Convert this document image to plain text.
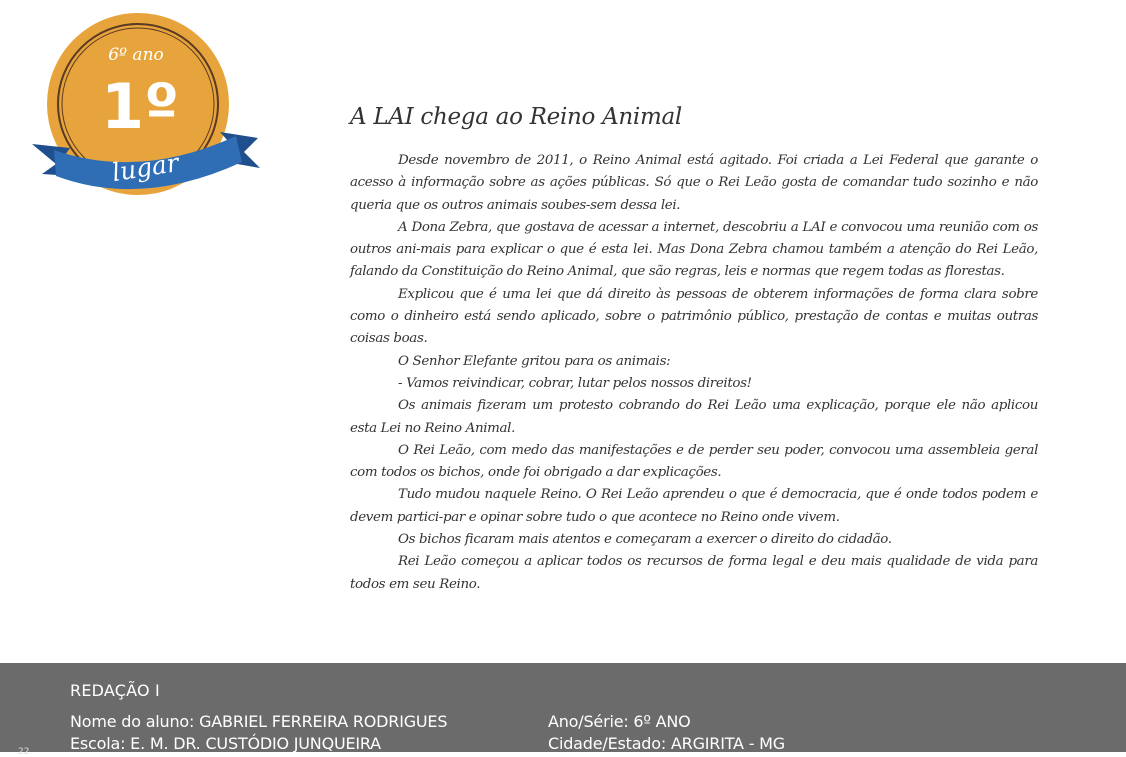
6º ano
1º
lugar
A LAI chega ao Reino Animal

Desde novembro de 2011, o Reino Animal está agitado. Foi criada a Lei Federal que garante o acesso à informação sobre as ações públicas. Só que o Rei Leão gosta de comandar tudo sozinho e não queria que os outros animais soubes-sem dessa lei.

A Dona Zebra, que gostava de acessar a internet, descobriu a LAI e convocou uma reunião com os outros ani-mais para explicar o que é esta lei. Mas Dona Zebra chamou também a atenção do Rei Leão, falando da Constituição do Reino Animal, que são regras, leis e normas que regem todas as florestas.

Explicou que é uma lei que dá direito às pessoas de obterem informações de forma clara sobre como o dinheiro está sendo aplicado, sobre o patrimônio público, prestação de contas e muitas outras coisas boas.

O Senhor Elefante gritou para os animais:

- Vamos reivindicar, cobrar, lutar pelos nossos direitos!

Os animais fizeram um protesto cobrando do Rei Leão uma explicação, porque ele não aplicou esta Lei no Reino Animal.

O Rei Leão, com medo das manifestações e de perder seu poder, convocou uma assembleia geral com todos os bichos, onde foi obrigado a dar explicações.

Tudo mudou naquele Reino. O Rei Leão aprendeu o que é democracia, que é onde todos podem e devem partici-par e opinar sobre tudo o que acontece no Reino onde vivem.

Os bichos ficaram mais atentos e começaram a exercer o direito do cidadão.

Rei Leão começou a aplicar todos os recursos de forma legal e deu mais qualidade de vida para todos em seu Reino.

REDAÇÃO I
Nome do aluno: GABRIEL FERREIRA RODRIGUES	Ano/Série: 6º ANO
Escola: E. M. DR. CUSTÓDIO JUNQUEIRA	Cidade/Estado: ARGIRITA - MG
22
